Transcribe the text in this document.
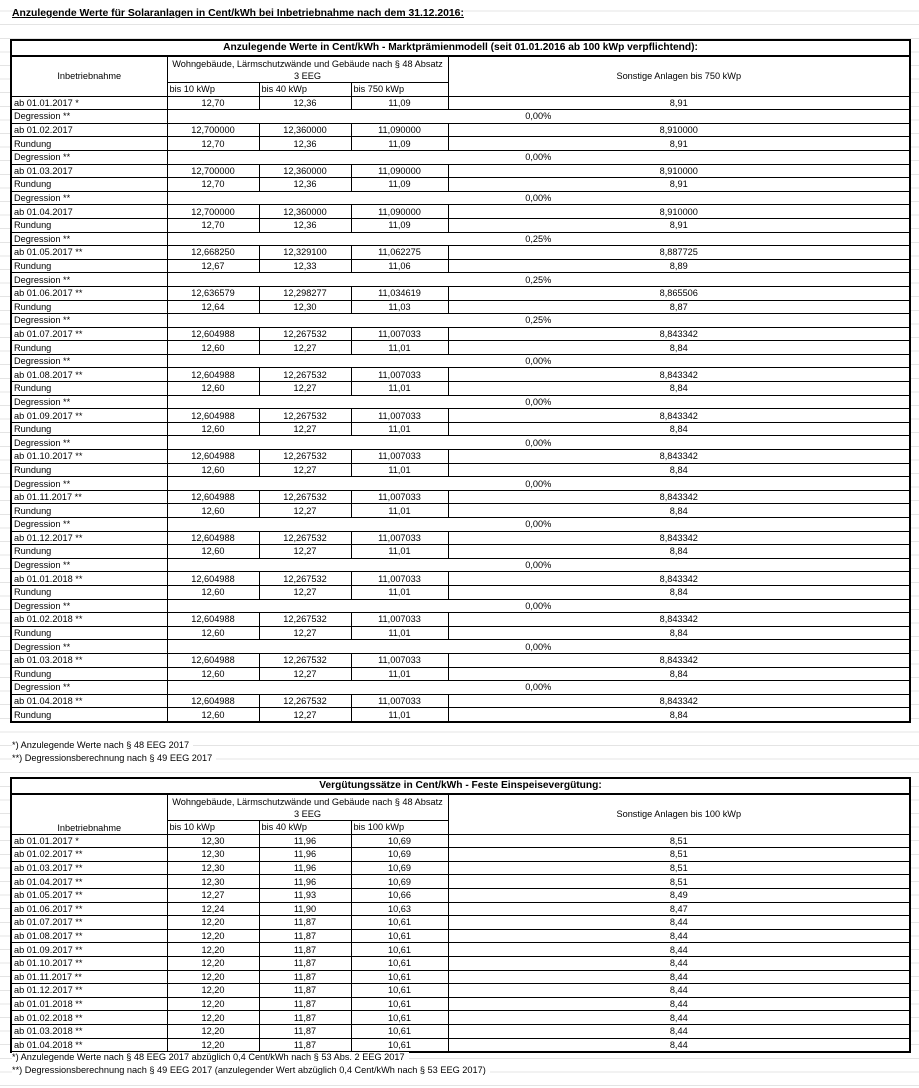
Anzulegende Werte für Solaranlagen in Cent/kWh bei Inbetriebnahme nach dem 31.12.2016:
Anzulegende Werte in Cent/kWh - Marktprämienmodell (seit 01.01.2016 ab 100 kWp verpflichtend):				
Inbetriebnahme	Wohngebäude, Lärmschutzwände und Gebäude nach § 48 Absatz 3 EEG			Sonstige Anlagen bis 750 kWp
	bis 10 kWp	bis 40 kWp	bis 750 kWp	
ab 01.01.2017 *	12,70	12,36	11,09	8,91
Degression **	0,00%			
ab 01.02.2017	12,700000	12,360000	11,090000	8,910000
Rundung	12,70	12,36	11,09	8,91
Degression **	0,00%			
ab 01.03.2017	12,700000	12,360000	11,090000	8,910000
Rundung	12,70	12,36	11,09	8,91
Degression **	0,00%			
ab 01.04.2017	12,700000	12,360000	11,090000	8,910000
Rundung	12,70	12,36	11,09	8,91
Degression **	0,25%			
ab 01.05.2017 **	12,668250	12,329100	11,062275	8,887725
Rundung	12,67	12,33	11,06	8,89
Degression **	0,25%			
ab 01.06.2017 **	12,636579	12,298277	11,034619	8,865506
Rundung	12,64	12,30	11,03	8,87
Degression **	0,25%			
ab 01.07.2017 **	12,604988	12,267532	11,007033	8,843342
Rundung	12,60	12,27	11,01	8,84
Degression **	0,00%			
ab 01.08.2017 **	12,604988	12,267532	11,007033	8,843342
Rundung	12,60	12,27	11,01	8,84
Degression **	0,00%			
ab 01.09.2017 **	12,604988	12,267532	11,007033	8,843342
Rundung	12,60	12,27	11,01	8,84
Degression **	0,00%			
ab 01.10.2017 **	12,604988	12,267532	11,007033	8,843342
Rundung	12,60	12,27	11,01	8,84
Degression **	0,00%			
ab 01.11.2017 **	12,604988	12,267532	11,007033	8,843342
Rundung	12,60	12,27	11,01	8,84
Degression **	0,00%			
ab 01.12.2017 **	12,604988	12,267532	11,007033	8,843342
Rundung	12,60	12,27	11,01	8,84
Degression **	0,00%			
ab 01.01.2018 **	12,604988	12,267532	11,007033	8,843342
Rundung	12,60	12,27	11,01	8,84
Degression **	0,00%			
ab 01.02.2018 **	12,604988	12,267532	11,007033	8,843342
Rundung	12,60	12,27	11,01	8,84
Degression **	0,00%			
ab 01.03.2018 **	12,604988	12,267532	11,007033	8,843342
Rundung	12,60	12,27	11,01	8,84
Degression **	0,00%			
ab 01.04.2018 **	12,604988	12,267532	11,007033	8,843342
Rundung	12,60	12,27	11,01	8,84
*) Anzulegende Werte nach § 48 EEG 2017
**) Degressionsberechnung nach § 49 EEG 2017
Vergütungssätze in Cent/kWh - Feste Einspeisevergütung:				
Inbetriebnahme	Wohngebäude, Lärmschutzwände und Gebäude nach § 48 Absatz 3 EEG			Sonstige Anlagen bis 100 kWp
	bis 10 kWp	bis 40 kWp	bis 100 kWp	
ab 01.01.2017 *	12,30	11,96	10,69	8,51
ab 01.02.2017 **	12,30	11,96	10,69	8,51
ab 01.03.2017 **	12,30	11,96	10,69	8,51
ab 01.04.2017 **	12,30	11,96	10,69	8,51
ab 01.05.2017 **	12,27	11,93	10,66	8,49
ab 01.06.2017 **	12,24	11,90	10,63	8,47
ab 01.07.2017 **	12,20	11,87	10,61	8,44
ab 01.08.2017 **	12,20	11,87	10,61	8,44
ab 01.09.2017 **	12,20	11,87	10,61	8,44
ab 01.10.2017 **	12,20	11,87	10,61	8,44
ab 01.11.2017 **	12,20	11,87	10,61	8,44
ab 01.12.2017 **	12,20	11,87	10,61	8,44
ab 01.01.2018 **	12,20	11,87	10,61	8,44
ab 01.02.2018 **	12,20	11,87	10,61	8,44
ab 01.03.2018 **	12,20	11,87	10,61	8,44
ab 01.04.2018 **	12,20	11,87	10,61	8,44
*) Anzulegende Werte nach § 48 EEG 2017 abzüglich 0,4 Cent/kWh nach § 53 Abs. 2 EEG 2017
**) Degressionsberechnung nach § 49 EEG 2017 (anzulegender Wert abzüglich 0,4 Cent/kWh nach § 53 EEG 2017)
